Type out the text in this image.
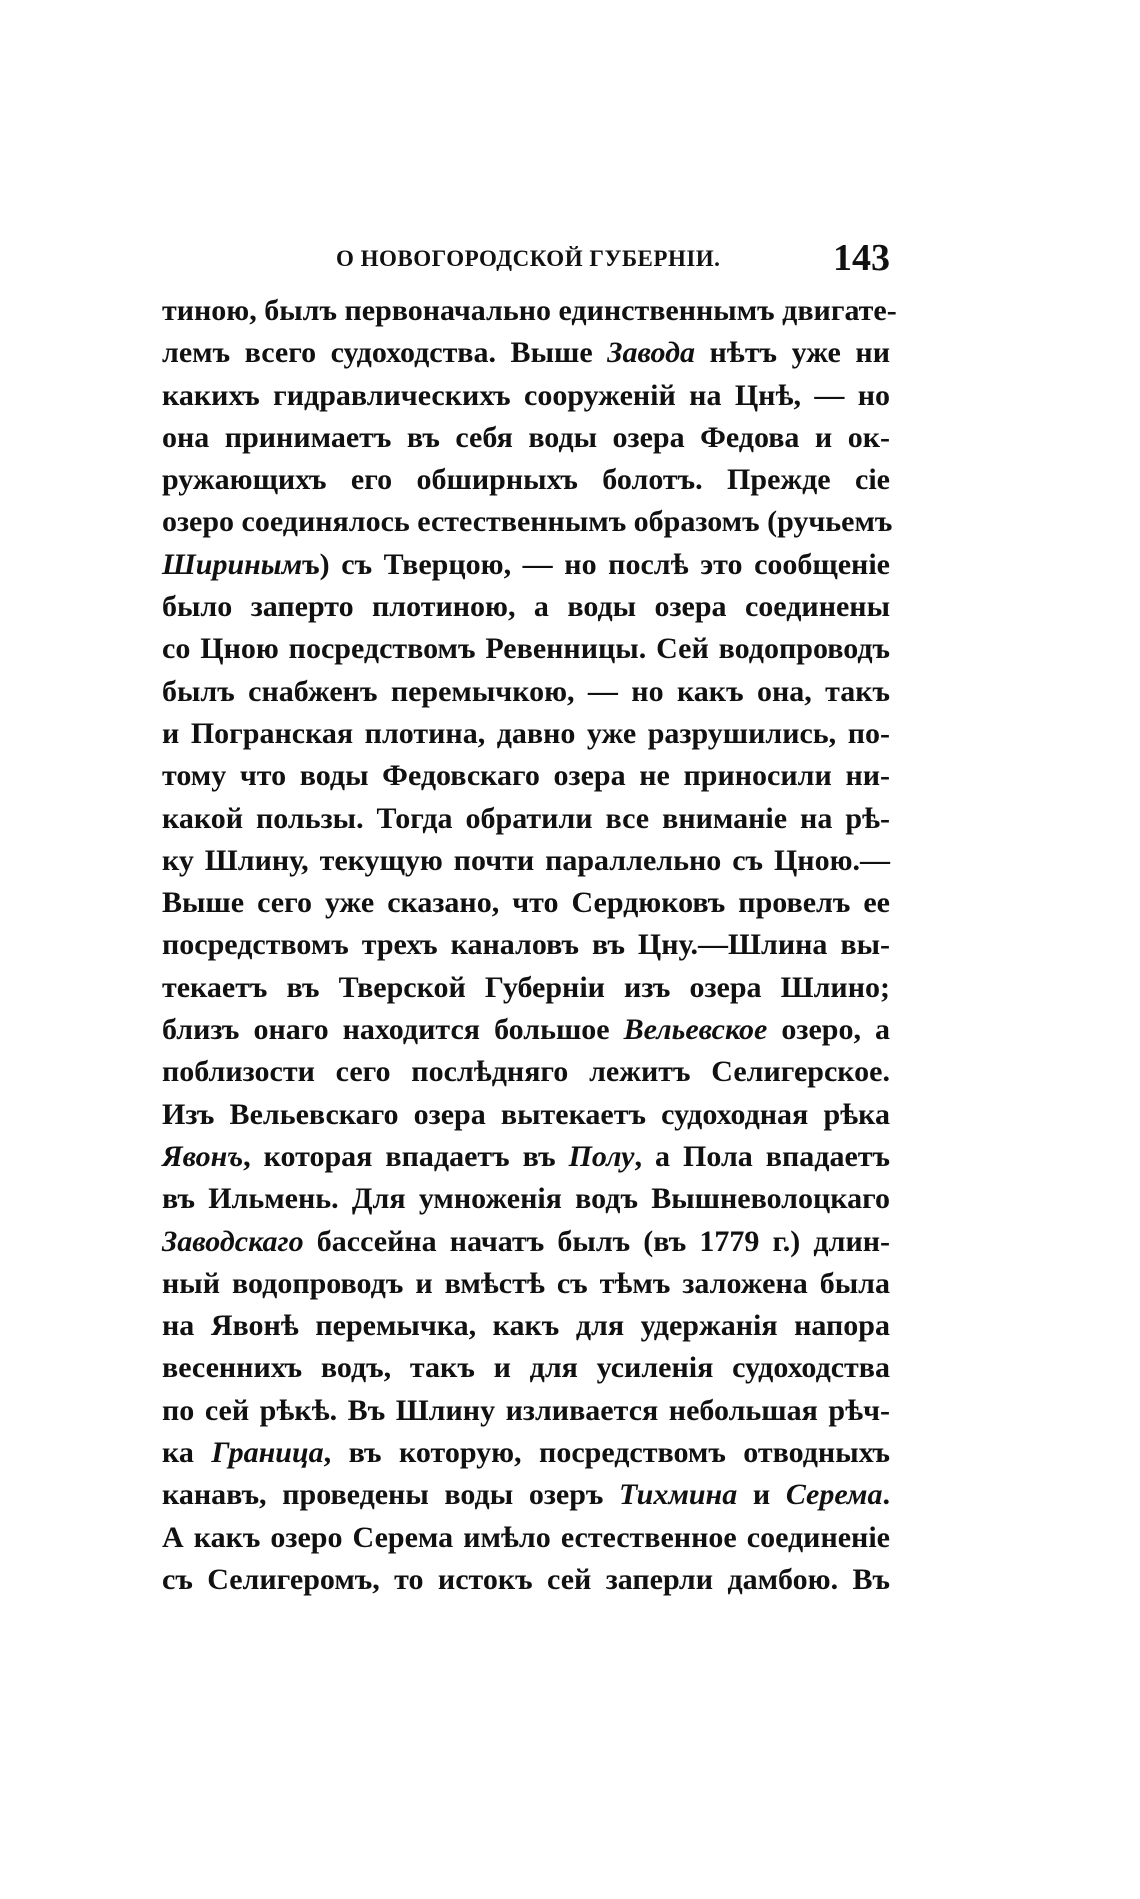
О НОВОГОРОДСКОЙ ГУБЕРНІИ.	143
тиною, былъ первоначально единственнымъ двигате-
лемъ всего судоходства. Выше Завода нѣтъ уже ни
какихъ гидравлическихъ сооруженій на Цнѣ, — но
она принимаетъ въ себя воды озера Федова и ок-
ружающихъ его обширныхъ болотъ. Прежде сіе
озеро соединялось естественнымъ образомъ (ручьемъ
Ширинымъ) съ Тверцою, — но послѣ это сообщеніе
было заперто плотиною, а воды озера соединены
со Цною посредствомъ Ревенницы. Сей водопроводъ
былъ снабженъ перемычкою, — но какъ она, такъ
и Погранская плотина, давно уже разрушились, по-
тому что воды Федовскаго озера не приносили ни-
какой пользы. Тогда обратили все вниманіе на рѣ-
ку Шлину, текущую почти параллельно съ Цною.—
Выше сего уже сказано, что Сердюковъ провелъ ее
посредствомъ трехъ каналовъ въ Цну.—Шлина вы-
текаетъ въ Тверской Губерніи изъ озера Шлино;
близъ онаго находится большое Вельевское озеро, а
поблизости сего послѣдняго лежитъ Селигерское.
Изъ Вельевскаго озера вытекаетъ судоходная рѣка
Явонъ, которая впадаетъ въ Полу, а Пола впадаетъ
въ Ильмень. Для умноженія водъ Вышневолоцкаго
Заводскаго бассейна начатъ былъ (въ 1779 г.) длин-
ный водопроводъ и вмѣстѣ съ тѣмъ заложена была
на Явонѣ перемычка, какъ для удержанія напора
весеннихъ водъ, такъ и для усиленія судоходства
по сей рѣкѣ. Въ Шлину изливается небольшая рѣч-
ка Граница, въ которую, посредствомъ отводныхъ
канавъ, проведены воды озеръ Тихмина и Серема.
А какъ озеро Серема имѣло естественное соединеніе
съ Селигеромъ, то истокъ сей заперли дамбою. Въ
